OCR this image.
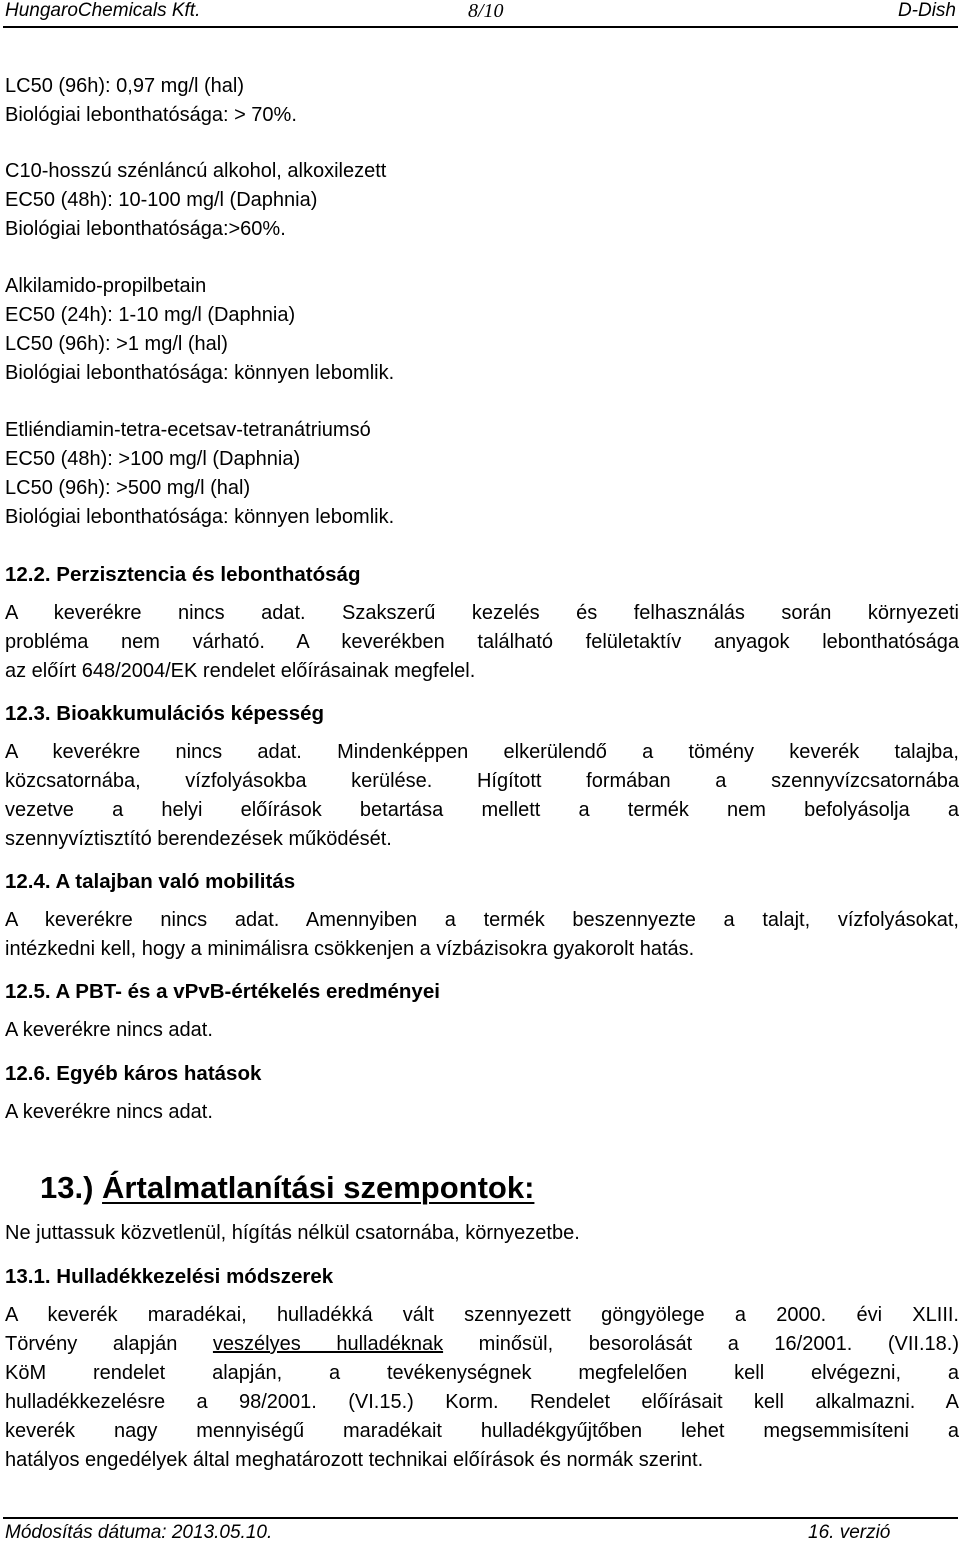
HungaroChemicals Kft.	8/10	D-Dish
LC50 (96h): 0,97 mg/l (hal)
Biológiai lebonthatósága: > 70%.
C10-hosszú szénláncú alkohol, alkoxilezett
EC50 (48h): 10-100 mg/l (Daphnia)
Biológiai lebonthatósága:>60%.
Alkilamido-propilbetain
EC50 (24h): 1-10 mg/l (Daphnia)
LC50 (96h): >1 mg/l (hal)
Biológiai lebonthatósága: könnyen lebomlik.
Etliéndiamin-tetra-ecetsav-tetranátriumsó
EC50 (48h): >100 mg/l (Daphnia)
LC50 (96h): >500 mg/l (hal)
Biológiai lebonthatósága: könnyen lebomlik.
12.2. Perzisztencia és lebonthatóság
A keverékre nincs adat. Szakszerű kezelés és felhasználás során környezeti
probléma nem várható. A keverékben található felületaktív anyagok lebonthatósága
az előírt 648/2004/EK rendelet előírásainak megfelel.
12.3. Bioakkumulációs képesség
A keverékre nincs adat. Mindenképpen elkerülendő a tömény keverék talajba,
közcsatornába, vízfolyásokba kerülése. Hígított formában a szennyvízcsatornába
vezetve a helyi előírások betartása mellett a termék nem befolyásolja a
szennyvíztisztító berendezések működését.
12.4. A talajban való mobilitás
A keverékre nincs adat. Amennyiben a termék beszennyezte a talajt, vízfolyásokat,
intézkedni kell, hogy a minimálisra csökkenjen a vízbázisokra gyakorolt hatás.
12.5. A PBT- és a vPvB-értékelés eredményei
A keverékre nincs adat.
12.6. Egyéb káros hatások
A keverékre nincs adat.
13.) Ártalmatlanítási szempontok:
Ne juttassuk közvetlenül, hígítás nélkül csatornába, környezetbe.
13.1. Hulladékkezelési módszerek
A keverék maradékai, hulladékká vált szennyezett göngyölege a 2000. évi XLIII.
Törvény alapján veszélyes hulladéknak minősül, besorolását a 16/2001. (VII.18.)
KöM rendelet alapján, a tevékenységnek megfelelően kell elvégezni, a
hulladékkezelésre a 98/2001. (VI.15.) Korm. Rendelet előírásait kell alkalmazni. A
keverék nagy mennyiségű maradékait hulladékgyűjtőben lehet megsemmisíteni a
hatályos engedélyek által meghatározott technikai előírások és normák szerint.
Módosítás dátuma: 2013.05.10.	16. verzió
